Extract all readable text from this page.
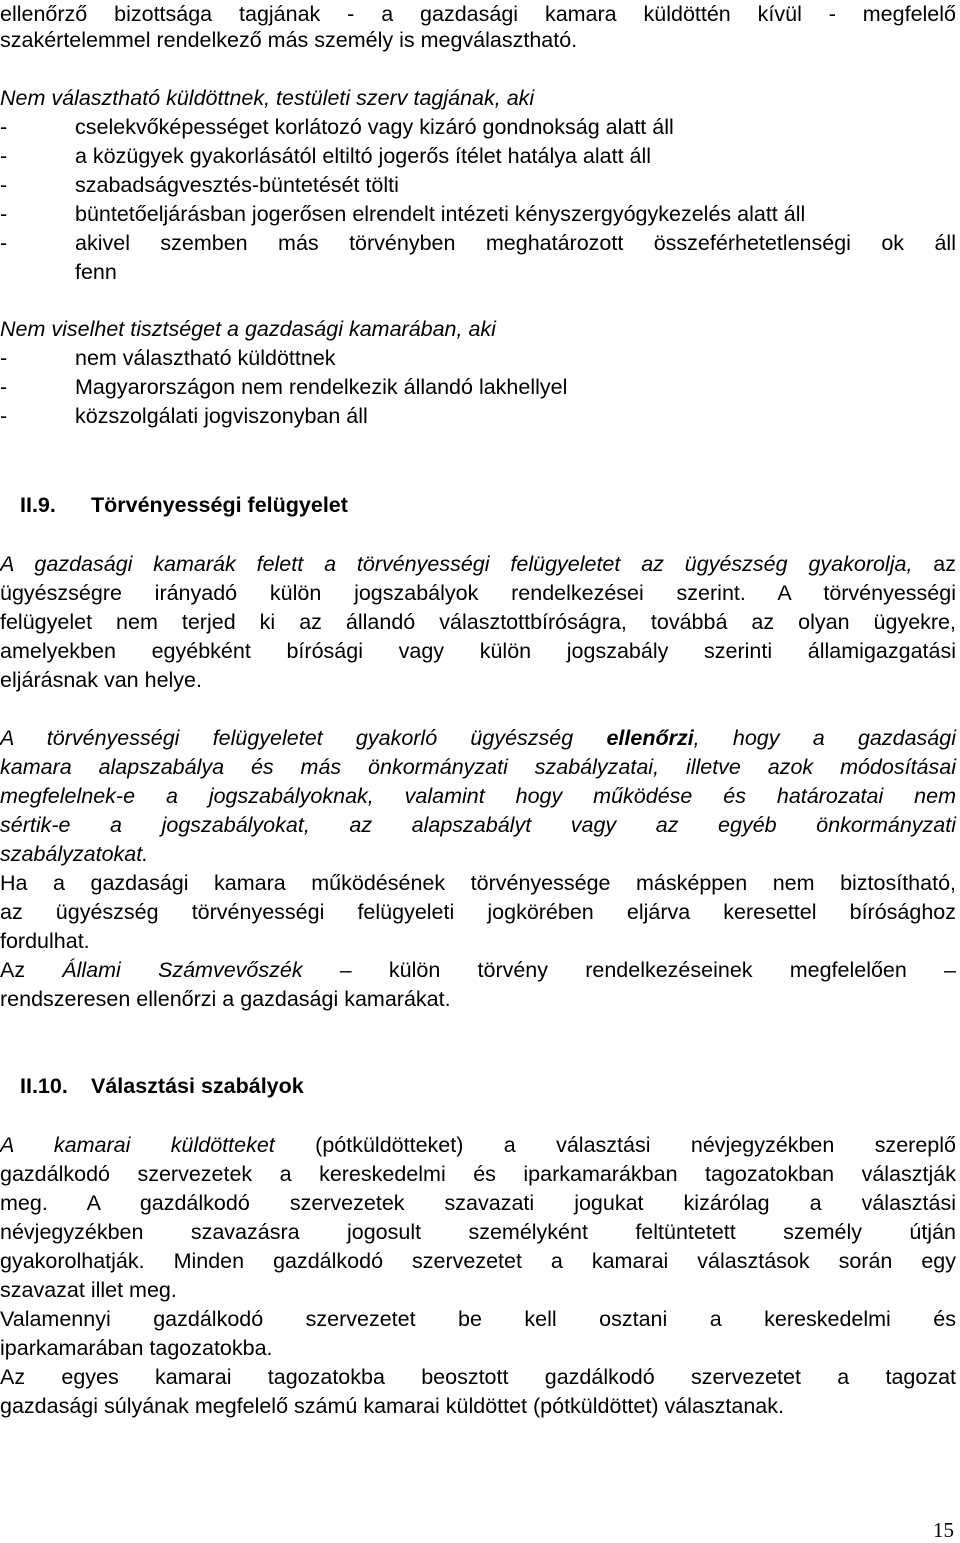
ellenőrző bizottsága tagjának - a gazdasági kamara küldöttén kívül - megfelelő
szakértelemmel rendelkező más személy is megválasztható.
Nem választható küldöttnek, testületi szerv tagjának, aki
-	cselekvőképességet korlátozó vagy kizáró gondnokság alatt áll
-	a közügyek gyakorlásától eltiltó jogerős ítélet hatálya alatt áll
-	szabadságvesztés-büntetését tölti
-	büntetőeljárásban jogerősen elrendelt intézeti kényszergyógykezelés alatt áll
-	akivel szemben más törvényben meghatározott összeférhetetlenségi ok áll
fenn
Nem viselhet tisztséget a gazdasági kamarában, aki
-	nem választható küldöttnek
-	Magyarországon nem rendelkezik állandó lakhellyel
-	közszolgálati jogviszonyban áll
II.9. Törvényességi felügyelet
A gazdasági kamarák felett a törvényességi felügyeletet az ügyészség gyakorolja, az
ügyészségre irányadó külön jogszabályok rendelkezései szerint. A törvényességi
felügyelet nem terjed ki az állandó választottbíróságra, továbbá az olyan ügyekre,
amelyekben egyébként bírósági vagy külön jogszabály szerinti államigazgatási
eljárásnak van helye.
A törvényességi felügyeletet gyakorló ügyészség ellenőrzi, hogy a gazdasági
kamara alapszabálya és más önkormányzati szabályzatai, illetve azok módosításai
megfelelnek-e a jogszabályoknak, valamint hogy működése és határozatai nem
sértik-e a jogszabályokat, az alapszabályt vagy az egyéb önkormányzati
szabályzatokat.
Ha a gazdasági kamara működésének törvényessége másképpen nem biztosítható,
az ügyészség törvényességi felügyeleti jogkörében eljárva keresettel bírósághoz
fordulhat.
Az Állami Számvevőszék – külön törvény rendelkezéseinek megfelelően –
rendszeresen ellenőrzi a gazdasági kamarákat.
II.10. Választási szabályok
A kamarai küldötteket (pótküldötteket) a választási névjegyzékben szereplő
gazdálkodó szervezetek a kereskedelmi és iparkamarákban tagozatokban választják
meg. A gazdálkodó szervezetek szavazati jogukat kizárólag a választási
névjegyzékben szavazásra jogosult személyként feltüntetett személy útján
gyakorolhatják. Minden gazdálkodó szervezetet a kamarai választások során egy
szavazat illet meg.
Valamennyi gazdálkodó szervezetet be kell osztani a kereskedelmi és
iparkamarában tagozatokba.
Az egyes kamarai tagozatokba beosztott gazdálkodó szervezetet a tagozat
gazdasági súlyának megfelelő számú kamarai küldöttet (pótküldöttet) választanak.
15
